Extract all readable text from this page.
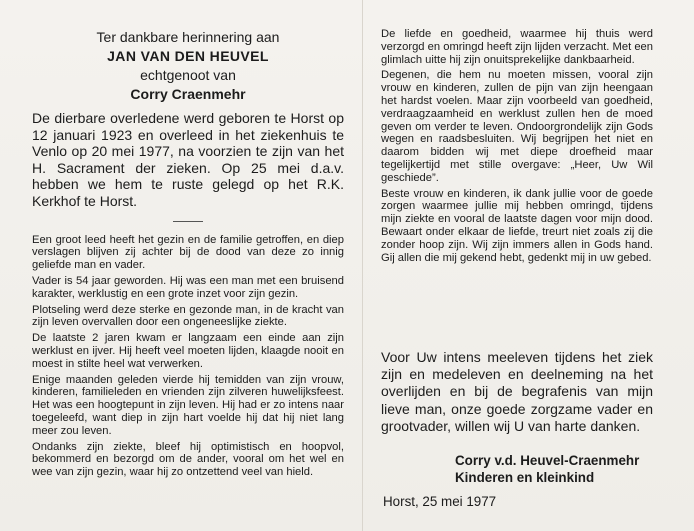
Ter dankbare herinnering aan

JAN VAN DEN HEUVEL

echtgenoot van

Corry Craenmehr

De dierbare overledene werd geboren te Horst op 12 januari 1923 en overleed in het ziekenhuis te Venlo op 20 mei 1977, na voorzien te zijn van het H. Sacrament der zieken. Op 25 mei d.a.v. hebben we hem te ruste gelegd op het R.K. Kerkhof te Horst.

Een groot leed heeft het gezin en de familie getroffen, en diep verslagen blijven zij achter bij de dood van deze zo innig geliefde man en vader.

Vader is 54 jaar geworden. Hij was een man met een bruisend karakter, werklustig en een grote inzet voor zijn gezin.

Plotseling werd deze sterke en gezonde man, in de kracht van zijn leven overvallen door een ongeneeslijke ziekte.

De laatste 2 jaren kwam er langzaam een einde aan zijn werklust en ijver. Hij heeft veel moeten lijden, klaagde nooit en moest in stilte heel wat verwerken.

Enige maanden geleden vierde hij temidden van zijn vrouw, kinderen, familieleden en vrienden zijn zilveren huwelijksfeest. Het was een hoogtepunt in zijn leven. Hij had er zo intens naar toegeleefd, want diep in zijn hart voelde hij dat hij niet lang meer zou leven.

Ondanks zijn ziekte, bleef hij optimistisch en hoopvol, bekommerd en bezorgd om de ander, vooral om het wel en wee van zijn gezin, waar hij zo ontzettend veel van hield.

De liefde en goedheid, waarmee hij thuis werd verzorgd en omringd heeft zijn lijden verzacht. Met een glimlach uitte hij zijn onuitsprekelijke dankbaarheid.

Degenen, die hem nu moeten missen, vooral zijn vrouw en kinderen, zullen de pijn van zijn heengaan het hardst voelen. Maar zijn voorbeeld van goedheid, verdraagzaamheid en werklust zullen hen de moed geven om verder te leven. Ondoorgrondelijk zijn Gods wegen en raadsbesluiten. Wij begrijpen het niet en daarom bidden wij met diepe droefheid maar tegelijkertijd met stille overgave: „Heer, Uw Wil geschiede”.

Beste vrouw en kinderen, ik dank jullie voor de goede zorgen waarmee jullie mij hebben omringd, tijdens mijn ziekte en vooral de laatste dagen voor mijn dood. Bewaart onder elkaar de liefde, treurt niet zoals zij die zonder hoop zijn. Wij zijn immers allen in Gods hand. Gij allen die mij gekend hebt, gedenkt mij in uw gebed.

Voor Uw intens meeleven tijdens het ziek zijn en medeleven en deelneming na het overlijden en bij de begrafenis van mijn lieve man, onze goede zorgzame vader en grootvader, willen wij U van harte danken.

Corry v.d. Heuvel-Craenmehr
Kinderen en kleinkind

Horst, 25 mei 1977
